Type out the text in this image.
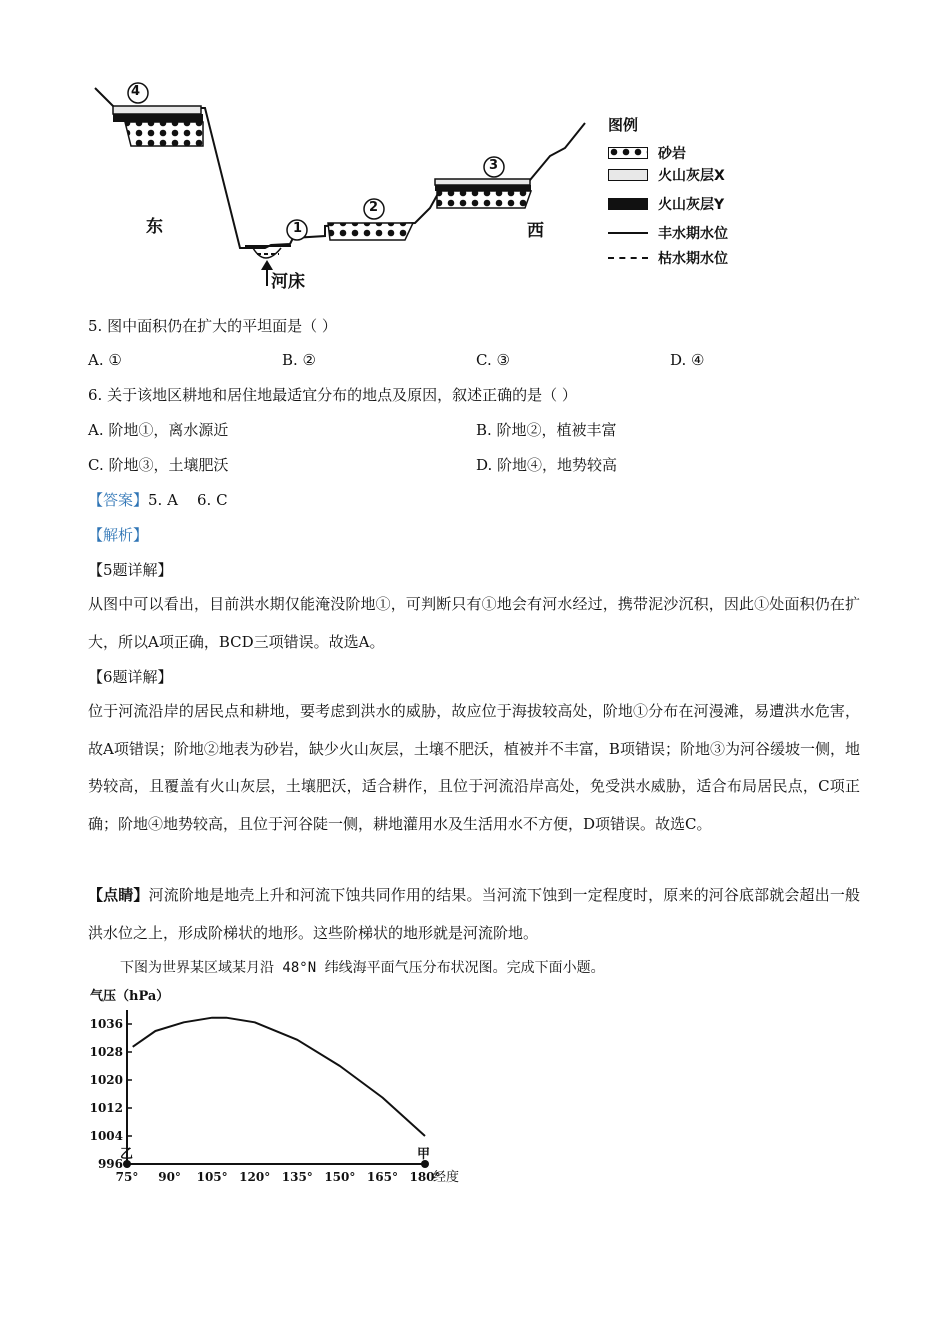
4
1
2
3
东	西
河床
图例
砂岩
火山灰层X
火山灰层Y
丰水期水位
枯水期水位
5. 图中面积仍在扩大的平坦面是（ ）
A. ①	B. ②	C. ③	D. ④
6. 关于该地区耕地和居住地最适宜分布的地点及原因，叙述正确的是（ ）
A. 阶地①，离水源近	B. 阶地②，植被丰富
C. 阶地③，土壤肥沃	D. 阶地④，地势较高
【答案】5. A    6. C
【解析】
【5题详解】
从图中可以看出，目前洪水期仅能淹没阶地①，可判断只有①地会有河水经过，携带泥沙沉积，因此①处面积仍在扩大，所以A项正确，BCD三项错误。故选A。
【6题详解】
位于河流沿岸的居民点和耕地，要考虑到洪水的威胁，故应位于海拔较高处，阶地①分布在河漫滩，易遭洪水危害，故A项错误；阶地②地表为砂岩，缺少火山灰层，土壤不肥沃，植被并不丰富，B项错误；阶地③为河谷缓坡一侧，地势较高，且覆盖有火山灰层，土壤肥沃，适合耕作，且位于河流沿岸高处，免受洪水威胁，适合布局居民点，C项正确；阶地④地势较高，且位于河谷陡一侧，耕地灌用水及生活用水不方便，D项错误。故选C。
【点睛】河流阶地是地壳上升和河流下蚀共同作用的结果。当河流下蚀到一定程度时，原来的河谷底部就会超出一般洪水位之上，形成阶梯状的地形。这些阶梯状的地形就是河流阶地。
下图为世界某区域某月沿 48°N 纬线海平面气压分布状况图。完成下面小题。
气压（hPa）
996
1004
1012
1020
1028
1036
75° 90° 105° 120° 135° 150° 165° 180°
经度
乙	甲
